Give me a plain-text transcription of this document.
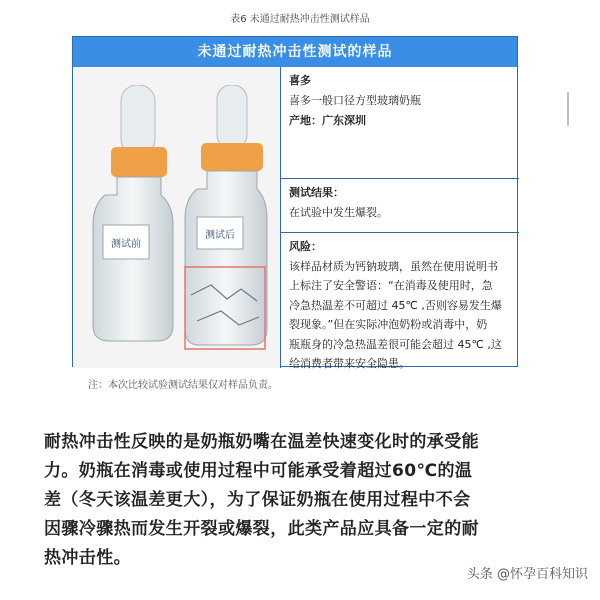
表6 未通过耐热冲击性测试样品
未通过耐热冲击性测试的样品
测试前
测试后
喜多
喜多一般口径方型玻璃奶瓶
产地：广东深圳
测试结果：
在试验中发生爆裂。
风险：
该样品材质为钙钠玻璃，虽然在使用说明书
上标注了安全警语：“在消毒及使用时，急
冷急热温差不可超过 45℃ ,否则容易发生爆
裂现象。”但在实际冲泡奶粉或消毒中，奶
瓶瓶身的冷急热温差很可能会超过 45℃ ,这
给消费者带来安全隐患。
注：本次比较试验测试结果仅对样品负责。
耐热冲击性反映的是奶瓶奶嘴在温差快速变化时的承受能
力。奶瓶在消毒或使用过程中可能承受着超过60℃的温
差（冬天该温差更大），为了保证奶瓶在使用过程中不会
因骤冷骤热而发生开裂或爆裂，此类产品应具备一定的耐
热冲击性。
头条 @怀孕百科知识
